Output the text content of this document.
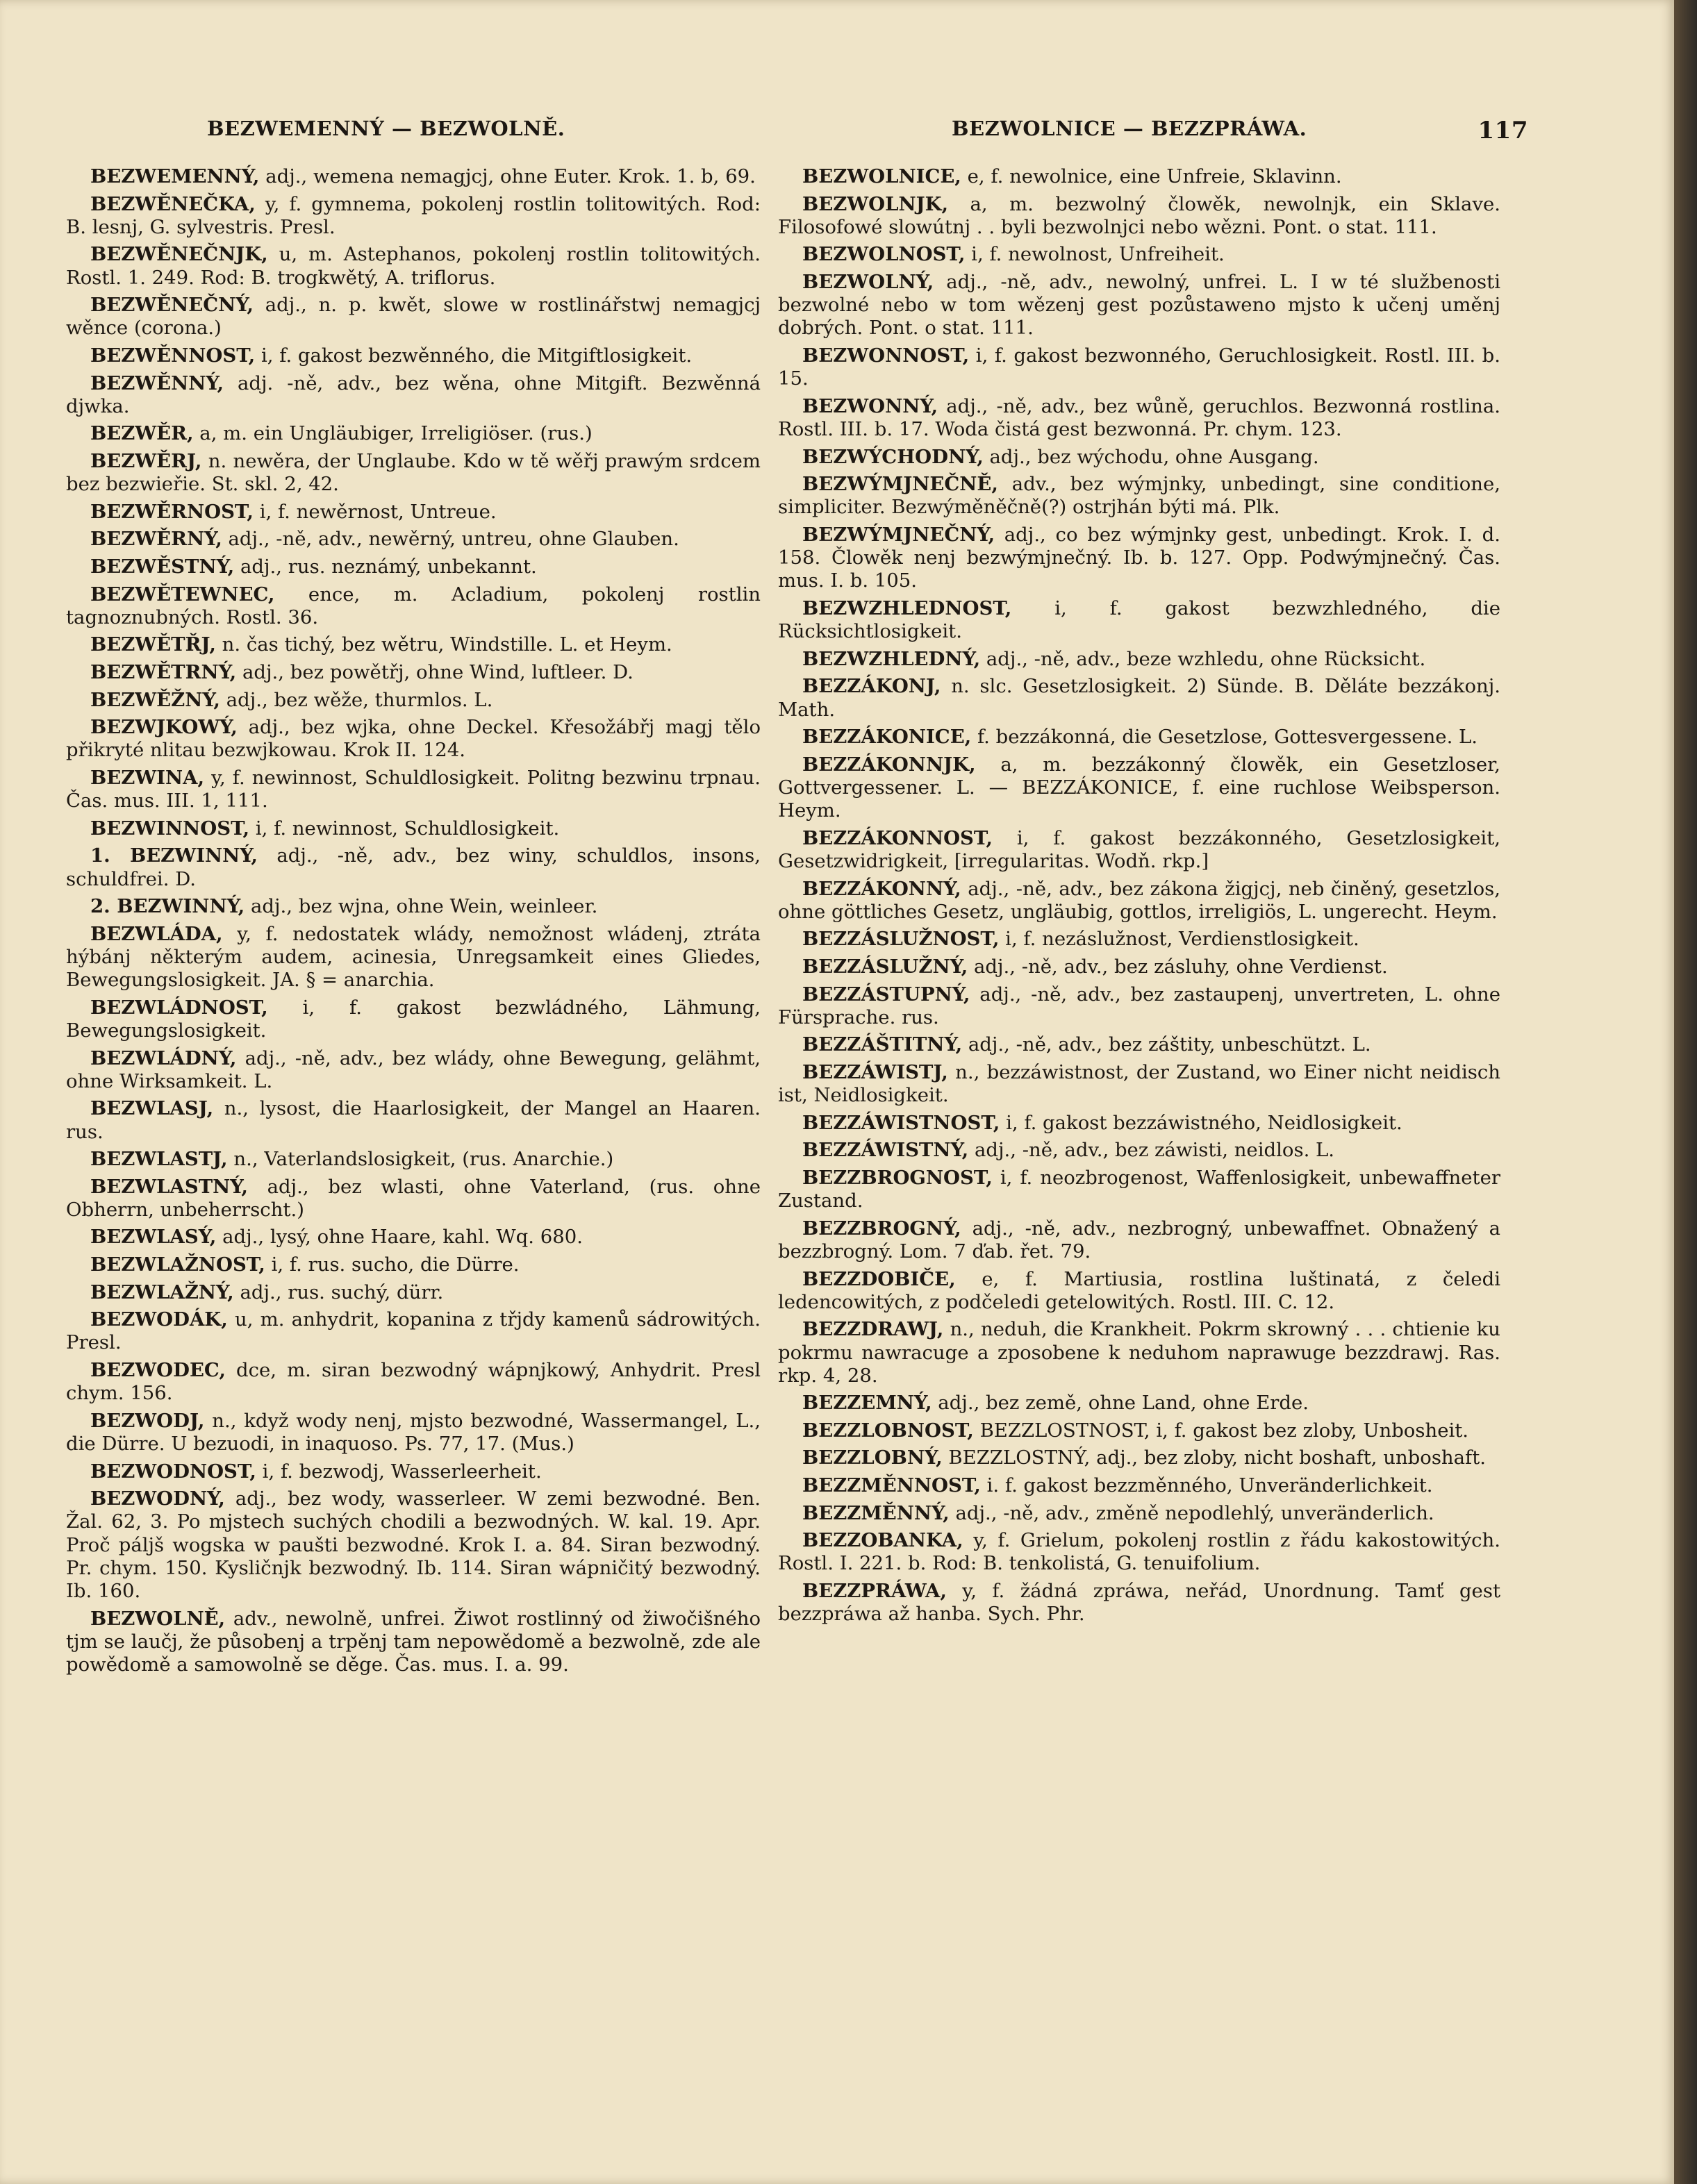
BEZWEMENNÝ — BEZWOLNĚ.	BEZWOLNICE — BEZZPRÁWA.	117

BEZWEMENNÝ, adj., wemena nemagjcj, ohne Euter. Krok. 1. b, 69.

BEZWĚNEČKA, y, f. gymnema, pokolenj rostlin tolitowitých. Rod: B. lesnj, G. sylvestris. Presl.

BEZWĚNEČNJK, u, m. Astephanos, pokolenj rostlin tolitowitých. Rostl. 1. 249. Rod: B. trogkwětý, A. triflorus.

BEZWĚNEČNÝ, adj., n. p. kwět, slowe w rostlinářstwj nemagjcj wěnce (corona.)

BEZWĚNNOST, i, f. gakost bezwěnného, die Mitgiftlosigkeit.

BEZWĚNNÝ, adj. -ně, adv., bez wěna, ohne Mitgift. Bezwěnná djwka.

BEZWĚR, a, m. ein Ungläubiger, Irreligiöser. (rus.)

BEZWĚRJ, n. newěra, der Unglaube. Kdo w tě wěřj prawým srdcem bez bezwieřie. St. skl. 2, 42.

BEZWĚRNOST, i, f. newěrnost, Untreue.

BEZWĚRNÝ, adj., -ně, adv., newěrný, untreu, ohne Glauben.

BEZWĚSTNÝ, adj., rus. neznámý, unbekannt.

BEZWĚTEWNEC, ence, m. Acladium, pokolenj rostlin tagnoznubných. Rostl. 36.

BEZWĚTŘJ, n. čas tichý, bez wětru, Windstille. L. et Heym.

BEZWĚTRNÝ, adj., bez powětřj, ohne Wind, luftleer. D.

BEZWĚŽNÝ, adj., bez wěže, thurmlos. L.

BEZWJKOWÝ, adj., bez wjka, ohne Deckel. Křesožábřj magj tělo přikryté nlitau bezwjkowau. Krok II. 124.

BEZWINA, y, f. newinnost, Schuldlosigkeit. Politng bezwinu trpnau. Čas. mus. III. 1, 111.

BEZWINNOST, i, f. newinnost, Schuldlosigkeit.

1. BEZWINNÝ, adj., -ně, adv., bez winy, schuldlos, insons, schuldfrei. D.

2. BEZWINNÝ, adj., bez wjna, ohne Wein, weinleer.

BEZWLÁDA, y, f. nedostatek wlády, nemožnost wládenj, ztráta hýbánj některým audem, acinesia, Unregsamkeit eines Gliedes, Bewegungslosigkeit. JA. § = anarchia.

BEZWLÁDNOST, i, f. gakost bezwládného, Lähmung, Bewegungslosigkeit.

BEZWLÁDNÝ, adj., -ně, adv., bez wlády, ohne Bewegung, gelähmt, ohne Wirksamkeit. L.

BEZWLASJ, n., lysost, die Haarlosigkeit, der Mangel an Haaren. rus.

BEZWLASTJ, n., Vaterlandslosigkeit, (rus. Anarchie.)

BEZWLASTNÝ, adj., bez wlasti, ohne Vaterland, (rus. ohne Obherrn, unbeherrscht.)

BEZWLASÝ, adj., lysý, ohne Haare, kahl. Wq. 680.

BEZWLAŽNOST, i, f. rus. sucho, die Dürre.

BEZWLAŽNÝ, adj., rus. suchý, dürr.

BEZWODÁK, u, m. anhydrit, kopanina z třjdy kamenů sádrowitých. Presl.

BEZWODEC, dce, m. siran bezwodný wápnjkowý, Anhydrit. Presl chym. 156.

BEZWODJ, n., když wody nenj, mjsto bezwodné, Wassermangel, L., die Dürre. U bezuodi, in inaquoso. Ps. 77, 17. (Mus.)

BEZWODNOST, i, f. bezwodj, Wasserleerheit.

BEZWODNÝ, adj., bez wody, wasserleer. W zemi bezwodné. Ben. Žal. 62, 3. Po mjstech suchých chodili a bezwodných. W. kal. 19. Apr. Proč páljš wogska w paušti bezwodné. Krok I. a. 84. Siran bezwodný. Pr. chym. 150. Kysličnjk bezwodný. Ib. 114. Siran wápničitý bezwodný. Ib. 160.

BEZWOLNĚ, adv., newolně, unfrei. Žiwot rostlinný od žiwočišného tjm se laučj, že působenj a trpěnj tam nepowědomě a bezwolně, zde ale powědomě a samowolně se děge. Čas. mus. I. a. 99.

BEZWOLNICE, e, f. newolnice, eine Unfreie, Sklavinn.

BEZWOLNJK, a, m. bezwolný člowěk, newolnjk, ein Sklave. Filosofowé slowútnj . . byli bezwolnjci nebo wězni. Pont. o stat. 111.

BEZWOLNOST, i, f. newolnost, Unfreiheit.

BEZWOLNÝ, adj., -ně, adv., newolný, unfrei. L. I w té službenosti bezwolné nebo w tom wězenj gest pozůstaweno mjsto k učenj uměnj dobrých. Pont. o stat. 111.

BEZWONNOST, i, f. gakost bezwonného, Geruchlosigkeit. Rostl. III. b. 15.

BEZWONNÝ, adj., -ně, adv., bez wůně, geruchlos. Bezwonná rostlina. Rostl. III. b. 17. Woda čistá gest bezwonná. Pr. chym. 123.

BEZWÝCHODNÝ, adj., bez wýchodu, ohne Ausgang.

BEZWÝMJNEČNĚ, adv., bez wýmjnky, unbedingt, sine conditione, simpliciter. Bezwýměněčně(?) ostrjhán býti má. Plk.

BEZWÝMJNEČNÝ, adj., co bez wýmjnky gest, unbedingt. Krok. I. d. 158. Člowěk nenj bezwýmjnečný. Ib. b. 127. Opp. Podwýmjnečný. Čas. mus. I. b. 105.

BEZWZHLEDNOST, i, f. gakost bezwzhledného, die Rücksichtlosigkeit.

BEZWZHLEDNÝ, adj., -ně, adv., beze wzhledu, ohne Rücksicht.

BEZZÁKONJ, n. slc. Gesetzlosigkeit. 2) Sünde. B. Děláte bezzákonj. Math.

BEZZÁKONICE, f. bezzákonná, die Gesetzlose, Gottesvergessene. L.

BEZZÁKONNJK, a, m. bezzákonný člowěk, ein Gesetzloser, Gottvergessener. L. — BEZZÁKONICE, f. eine ruchlose Weibsperson. Heym.

BEZZÁKONNOST, i, f. gakost bezzákonného, Gesetzlosigkeit, Gesetzwidrigkeit, [irregularitas. Wodň. rkp.]

BEZZÁKONNÝ, adj., -ně, adv., bez zákona žigjcj, neb činěný, gesetzlos, ohne göttliches Gesetz, ungläubig, gottlos, irreligiös, L. ungerecht. Heym.

BEZZÁSLUŽNOST, i, f. nezáslužnost, Verdienstlosigkeit.

BEZZÁSLUŽNÝ, adj., -ně, adv., bez zásluhy, ohne Verdienst.

BEZZÁSTUPNÝ, adj., -ně, adv., bez zastaupenj, unvertreten, L. ohne Fürsprache. rus.

BEZZÁŠTITNÝ, adj., -ně, adv., bez záštity, unbeschützt. L.

BEZZÁWISTJ, n., bezzáwistnost, der Zustand, wo Einer nicht neidisch ist, Neidlosigkeit.

BEZZÁWISTNOST, i, f. gakost bezzáwistného, Neidlosigkeit.

BEZZÁWISTNÝ, adj., -ně, adv., bez záwisti, neidlos. L.

BEZZBROGNOST, i, f. neozbrogenost, Waffenlosigkeit, unbewaffneter Zustand.

BEZZBROGNÝ, adj., -ně, adv., nezbrogný, unbewaffnet. Obnažený a bezzbrogný. Lom. 7 ďab. řet. 79.

BEZZDOBIČE, e, f. Martiusia, rostlina luštinatá, z čeledi ledencowitých, z podčeledi getelowitých. Rostl. III. C. 12.

BEZZDRAWJ, n., neduh, die Krankheit. Pokrm skrowný . . . chtienie ku pokrmu nawracuge a zposobene k neduhom naprawuge bezzdrawj. Ras. rkp. 4, 28.

BEZZEMNÝ, adj., bez země, ohne Land, ohne Erde.

BEZZLOBNOST, BEZZLOSTNOST, i, f. gakost bez zloby, Unbosheit.

BEZZLOBNÝ, BEZZLOSTNÝ, adj., bez zloby, nicht boshaft, unboshaft.

BEZZMĚNNOST, i. f. gakost bezzměnného, Unveränderlichkeit.

BEZZMĚNNÝ, adj., -ně, adv., změně nepodlehlý, unveränderlich.

BEZZOBANKA, y, f. Grielum, pokolenj rostlin z řádu kakostowitých. Rostl. I. 221. b. Rod: B. tenkolistá, G. tenuifolium.

BEZZPRÁWA, y, f. žádná zpráwa, neřád, Unordnung. Tamť gest bezzpráwa až hanba. Sych. Phr.
